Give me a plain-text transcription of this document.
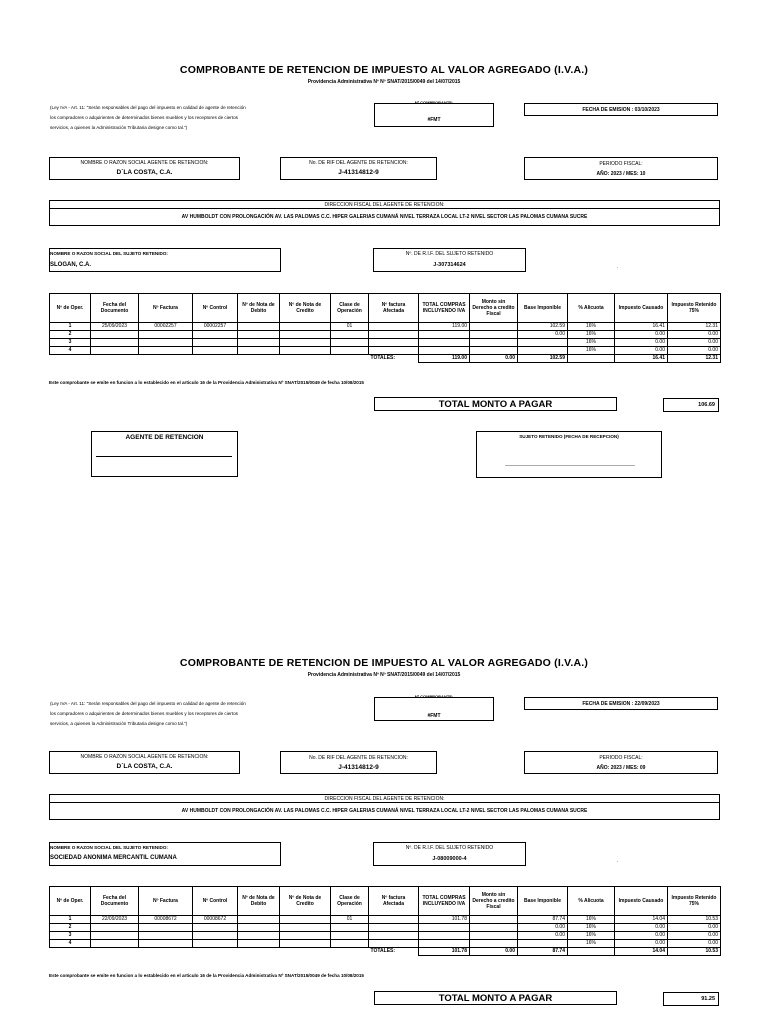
COMPROBANTE DE RETENCION DE IMPUESTO AL VALOR AGREGADO (I.V.A.)
Providencia Administrativa Nº Nº SNAT/2015/0049 del 14/07/2015
(Ley IVA - Art. 11: "Serán responsables del pago del impuesto en calidad de agente de retención
los compradores o adquirientes de determinados bienes muebles y los receptores de ciertos
servicios, a quienes la Administración Tributaria designe como tal.")
Nº COMPROBANTE:
#FMT
FECHA DE EMISION : 03/10/2023
NOMBRE O RAZON SOCIAL AGENTE DE RETENCION:
D´LA COSTA, C.A.
No. DE RIF DEL AGENTE DE RETENCION:
J-41314812-9
PERIODO FISCAL:
AÑO: 2023 / MES: 10
DIRECCION FISCAL DEL AGENTE DE RETENCION:
AV HUMBOLDT CON PROLONGACIÓN AV. LAS PALOMAS C.C. HIPER GALERIAS CUMANÁ NIVEL TERRAZA LOCAL LT-2 NIVEL SECTOR LAS PALOMAS CUMANA SUCRE
NOMBRE O RAZON SOCIAL DEL SUJETO RETENIDO:
SLOGAN, C.A.
Nº. DE R.I.F. DEL SUJETO RETENIDO
J-307314624	.
Nº de Oper.	Fecha del Documento	Nº Factura	Nº Control	Nº de Nota de Debito	Nº de Nota de Credito	Clase de Operación	Nº factura Afectada	TOTAL COMPRAS INCLUYENDO IVA	Monto sin Derecho a credito Fiscal	Base Imponible	% Alicuota	Impuesto Causado	Impuesto Retenido 75%
1	25/09/2023	00002257	00002257			01		119.00		102.59	16%	16.41	12.31
2										0.00	16%	0.00	0.00
3											16%	0.00	0.00
4											16%	0.00	0.00
							TOTALES:	119.00	0.00	102.59		16.41	12.31
Este comprobante se emite en funcion a lo establecido en el articulo 16 de la Providencia Administrativa Nº SNAT/2015/0049 de fecha 10/08/2015
TOTAL MONTO A PAGAR	106.69
AGENTE DE RETENCION	SUJETO RETENIDO (FECHA DE RECEPCION)
COMPROBANTE DE RETENCION DE IMPUESTO AL VALOR AGREGADO (I.V.A.)
Providencia Administrativa Nº Nº SNAT/2015/0049 del 14/07/2015
(Ley IVA - Art. 11: "Serán responsables del pago del impuesto en calidad de agente de retención
los compradores o adquirientes de determinados bienes muebles y los receptores de ciertos
servicios, a quienes la Administración Tributaria designe como tal.")
Nº COMPROBANTE:
#FMT
FECHA DE EMISION : 22/09/2023
NOMBRE O RAZON SOCIAL AGENTE DE RETENCION:
D´LA COSTA, C.A.
No. DE RIF DEL AGENTE DE RETENCION:
J-41314812-9
PERIODO FISCAL:
AÑO: 2023 / MES: 09
DIRECCION FISCAL DEL AGENTE DE RETENCION:
AV HUMBOLDT CON PROLONGACIÓN AV. LAS PALOMAS C.C. HIPER GALERIAS CUMANÁ NIVEL TERRAZA LOCAL LT-2 NIVEL SECTOR LAS PALOMAS CUMANA SUCRE
NOMBRE O RAZON SOCIAL DEL SUJETO RETENIDO:
SOCIEDAD ANONIMA MERCANTIL CUMANA
Nº. DE R.I.F. DEL SUJETO RETENIDO
J-08009000-4	.
Nº de Oper.	Fecha del Documento	Nº Factura	Nº Control	Nº de Nota de Debito	Nº de Nota de Credito	Clase de Operación	Nº factura Afectada	TOTAL COMPRAS INCLUYENDO IVA	Monto sin Derecho a credito Fiscal	Base Imponible	% Alicuota	Impuesto Causado	Impuesto Retenido 75%
1	22/09/2023	00008672	00008672			01		101.78		87.74	16%	14.04	10.53
2										0.00	16%	0.00	0.00
3										0.00	16%	0.00	0.00
4											16%	0.00	0.00
							TOTALES:	101.78	0.00	87.74		14.04	10.53
Este comprobante se emite en funcion a lo establecido en el articulo 16 de la Providencia Administrativa Nº SNAT/2015/0049 de fecha 10/08/2015
TOTAL MONTO A PAGAR	91.25
